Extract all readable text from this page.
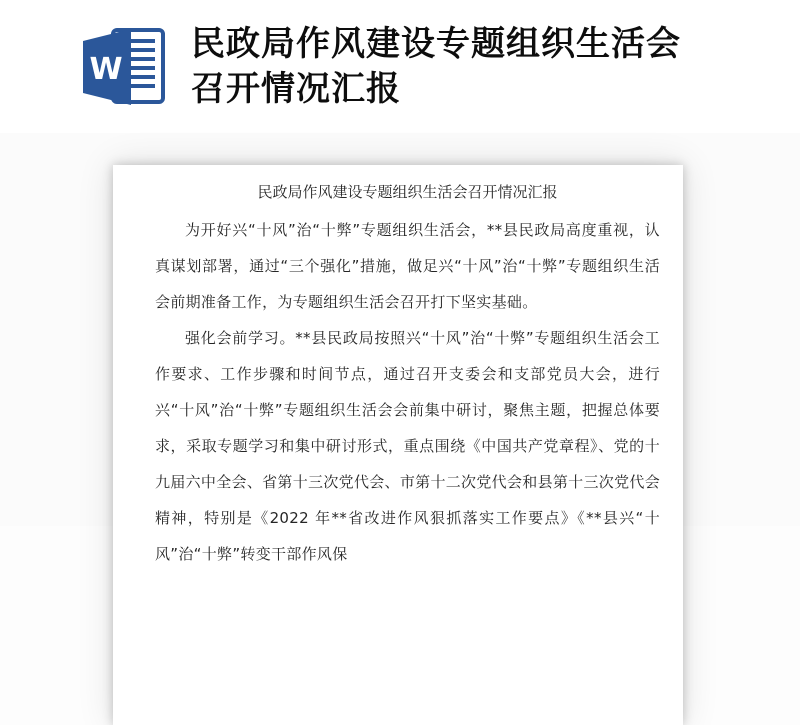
W
民政局作风建设专题组织生活会
召开情况汇报

民政局作风建设专题组织生活会召开情况汇报

为开好兴“十风”治“十弊”专题组织生活会，**县民政局高度重视，认真谋划部署，通过“三个强化”措施，做足兴“十风”治“十弊”专题组织生活会前期准备工作，为专题组织生活会召开打下坚实基础。

强化会前学习。**县民政局按照兴“十风”治“十弊”专题组织生活会工作要求、工作步骤和时间节点，通过召开支委会和支部党员大会，进行兴“十风”治“十弊”专题组织生活会会前集中研讨，聚焦主题，把握总体要求，采取专题学习和集中研讨形式，重点围绕《中国共产党章程》、党的十九届六中全会、省第十三次党代会、市第十二次党代会和县第十三次党代会精神，特别是《2022 年**省改进作风狠抓落实工作要点》《**县兴“十风”治“十弊”转变干部作风保
